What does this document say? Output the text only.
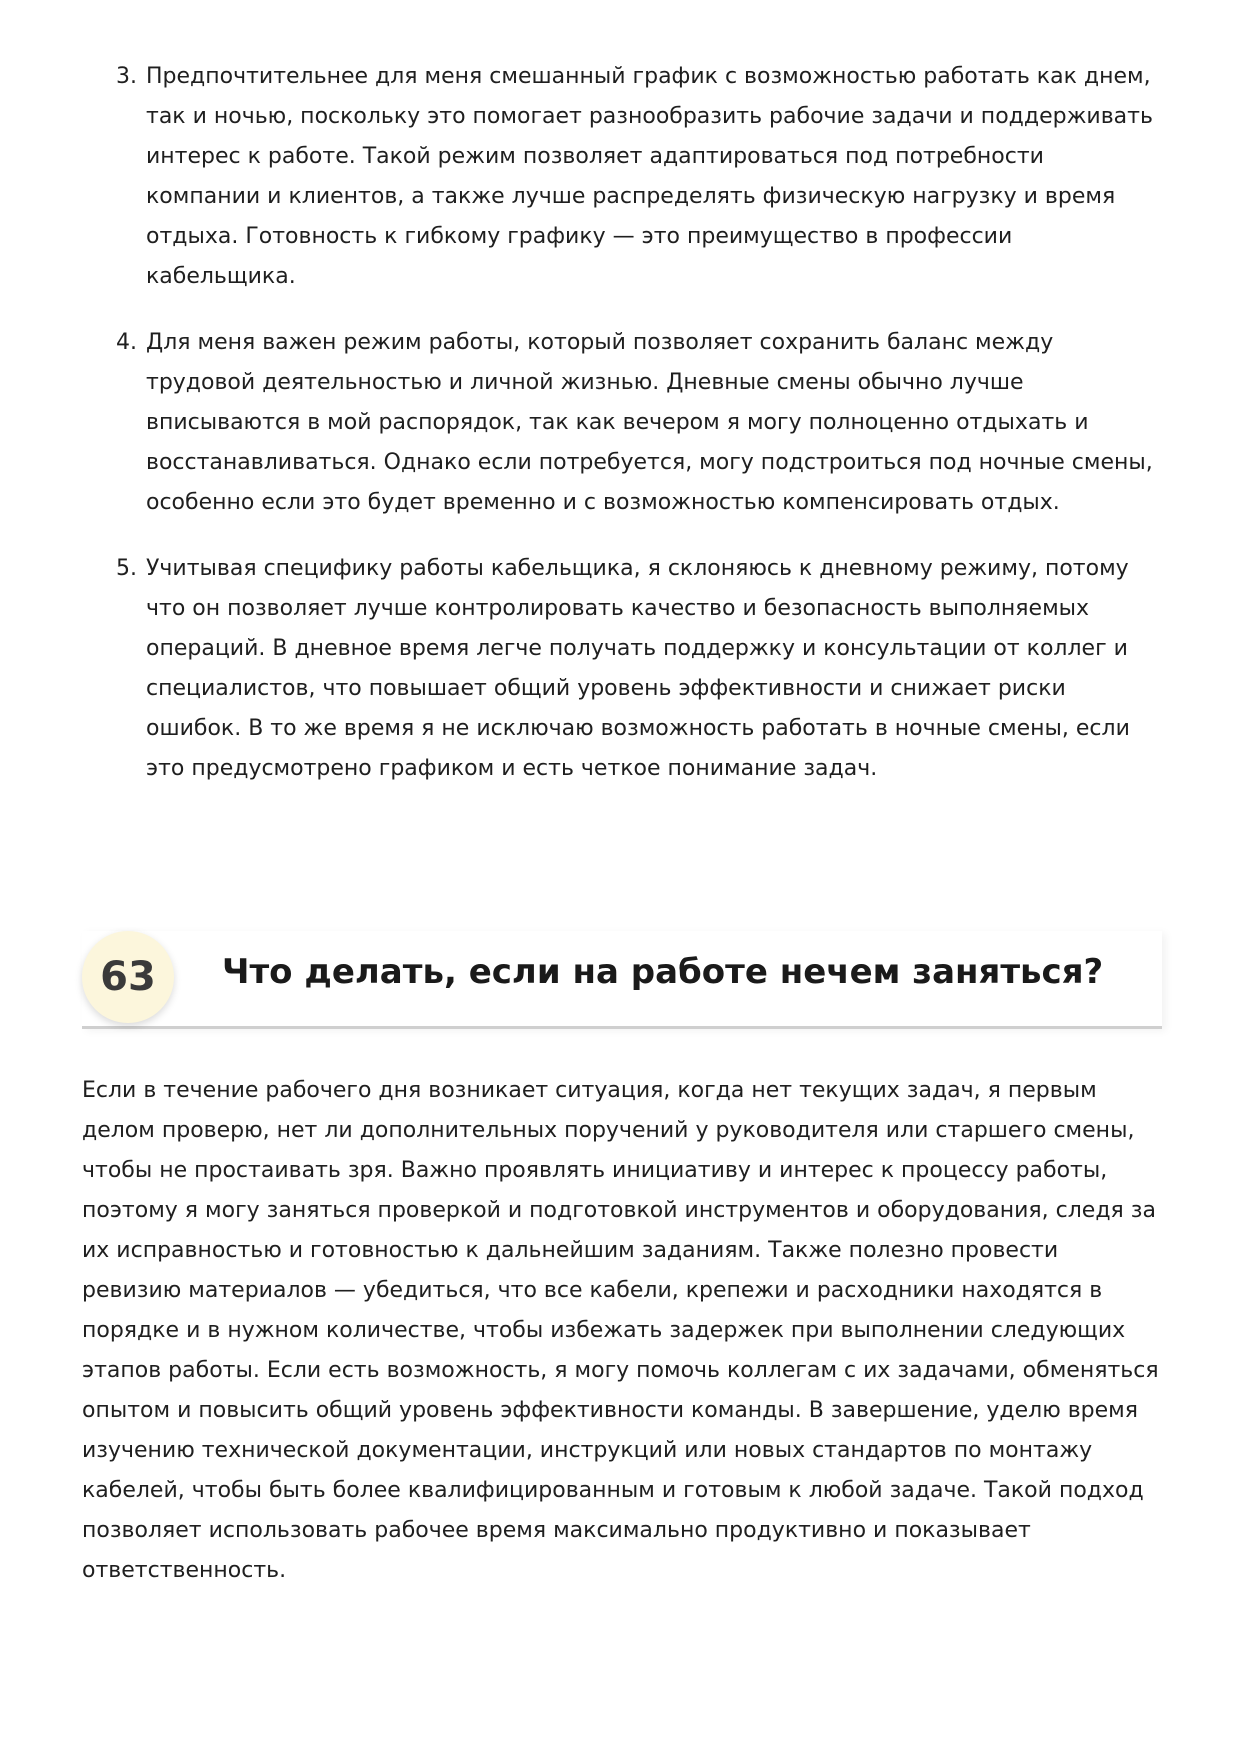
3. Предпочтительнее для меня смешанный график с возможностью работать как днем, так и ночью, поскольку это помогает разнообразить рабочие задачи и поддерживать интерес к работе. Такой режим позволяет адаптироваться под потребности компании и клиентов, а также лучше распределять физическую нагрузку и время отдыха. Готовность к гибкому графику — это преимущество в профессии кабельщика.
4. Для меня важен режим работы, который позволяет сохранить баланс между трудовой деятельностью и личной жизнью. Дневные смены обычно лучше вписываются в мой распорядок, так как вечером я могу полноценно отдыхать и восстанавливаться. Однако если потребуется, могу подстроиться под ночные смены, особенно если это будет временно и с возможностью компенсировать отдых.
5. Учитывая специфику работы кабельщика, я склоняюсь к дневному режиму, потому что он позволяет лучше контролировать качество и безопасность выполняемых операций. В дневное время легче получать поддержку и консультации от коллег и специалистов, что повышает общий уровень эффективности и снижает риски ошибок. В то же время я не исключаю возможность работать в ночные смены, если это предусмотрено графиком и есть четкое понимание задач.
63	Что делать, если на работе нечем заняться?

Если в течение рабочего дня возникает ситуация, когда нет текущих задач, я первым делом проверю, нет ли дополнительных поручений у руководителя или старшего смены, чтобы не простаивать зря. Важно проявлять инициативу и интерес к процессу работы, поэтому я могу заняться проверкой и подготовкой инструментов и оборудования, следя за их исправностью и готовностью к дальнейшим заданиям. Также полезно провести ревизию материалов — убедиться, что все кабели, крепежи и расходники находятся в порядке и в нужном количестве, чтобы избежать задержек при выполнении следующих этапов работы. Если есть возможность, я могу помочь коллегам с их задачами, обменяться опытом и повысить общий уровень эффективности команды. В завершение, уделю время изучению технической документации, инструкций или новых стандартов по монтажу кабелей, чтобы быть более квалифицированным и готовым к любой задаче. Такой подход позволяет использовать рабочее время максимально продуктивно и показывает ответственность.
